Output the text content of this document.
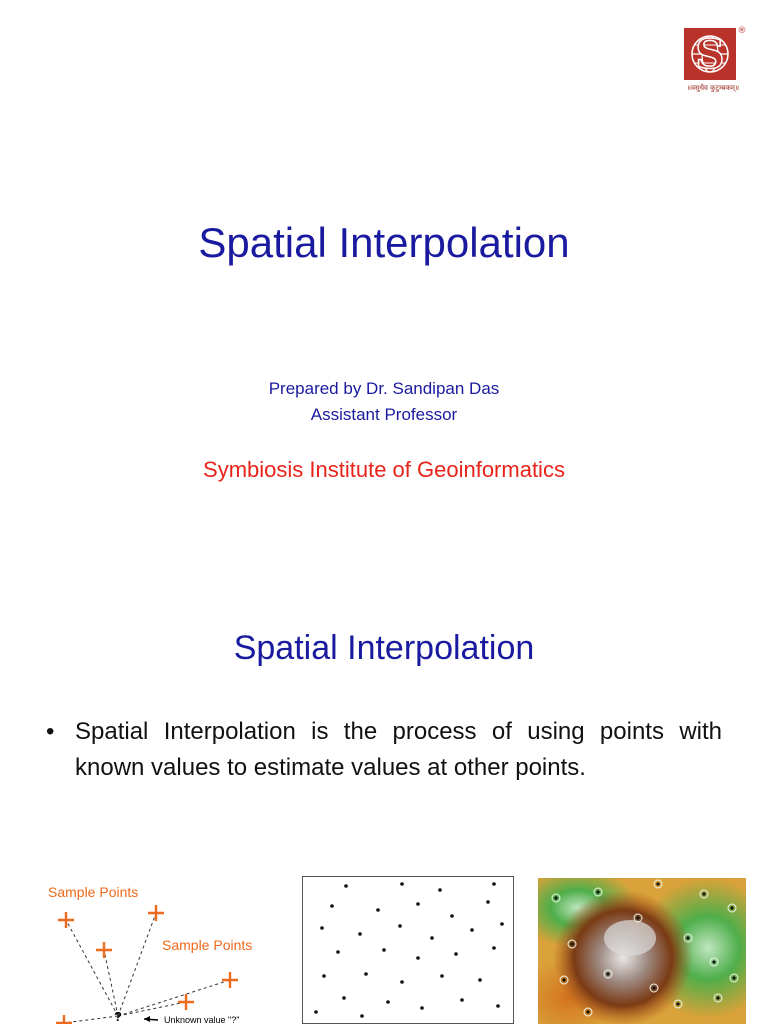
S ®
॥वसुधैव कुटुम्बकम्॥
Spatial Interpolation
Prepared by Dr. Sandipan Das
Assistant Professor
Symbiosis Institute of Geoinformatics
Spatial Interpolation
• Spatial Interpolation is the process of using points with known values to estimate values at other points.
Sample Points
Sample Points
?	Unknown value "?"
